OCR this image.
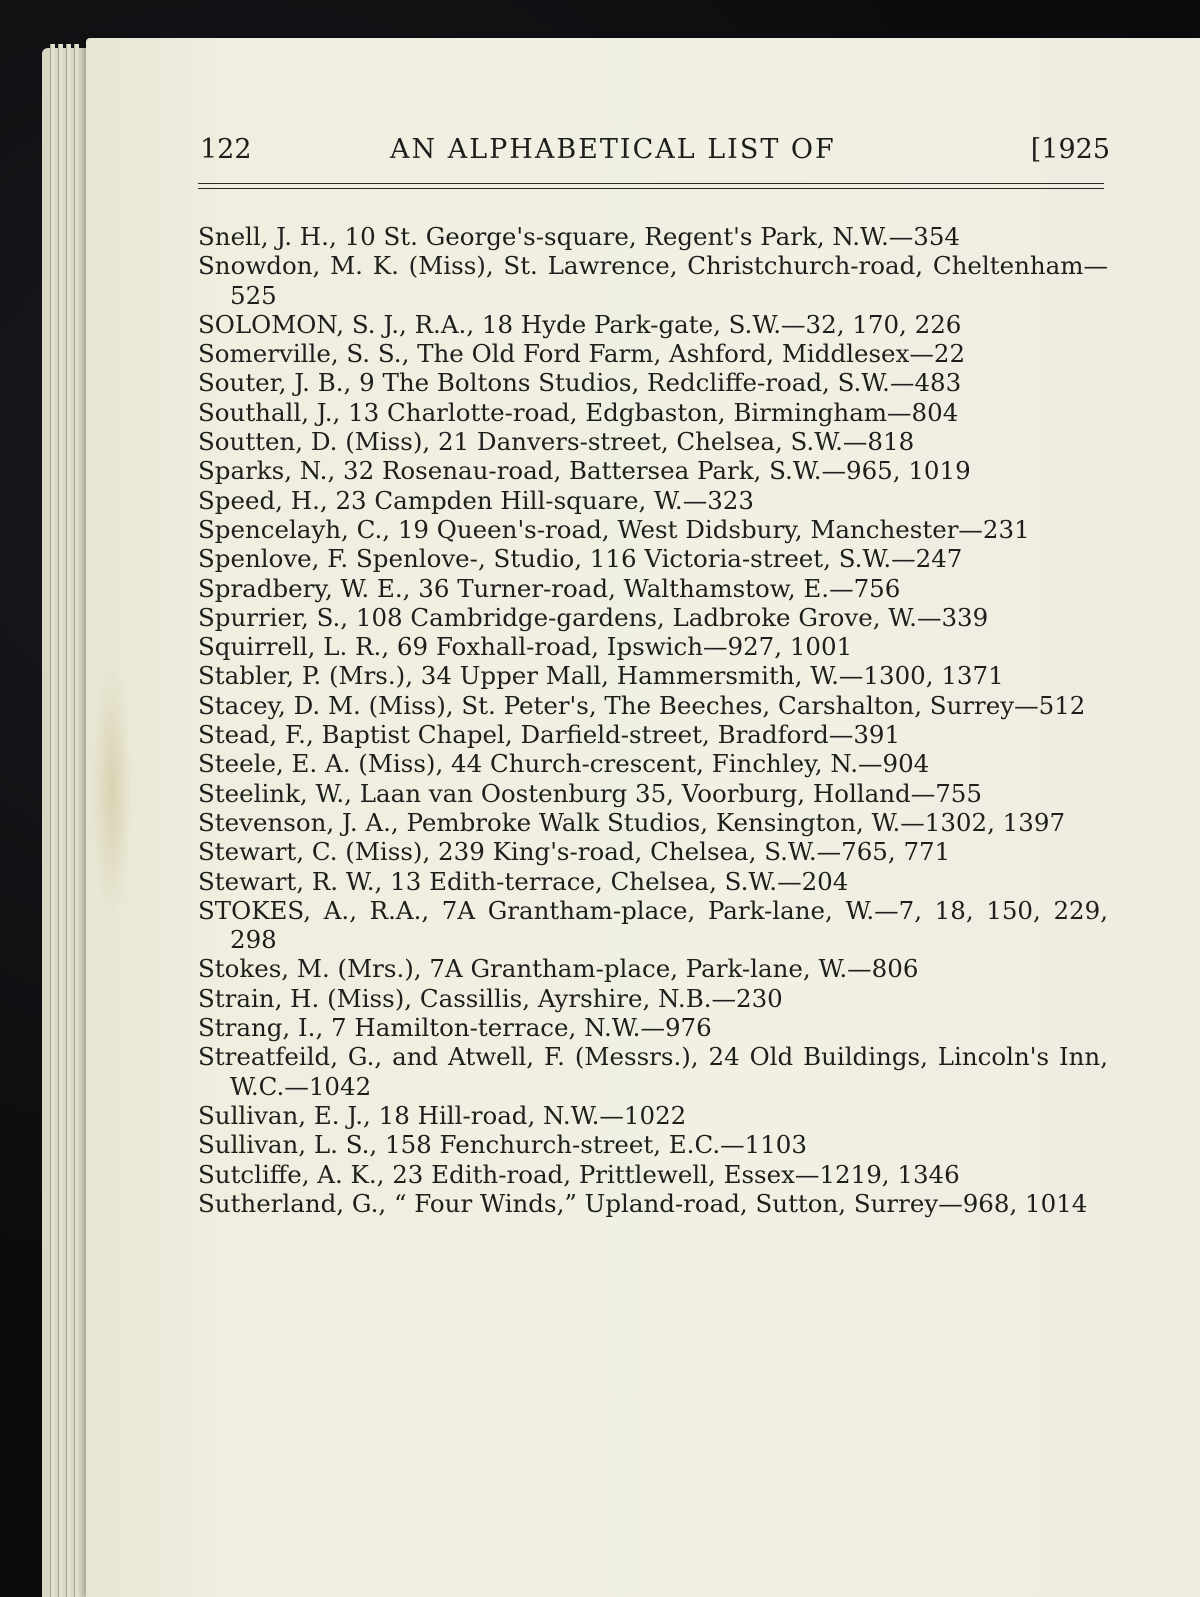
122	AN ALPHABETICAL LIST OF	[1925

Snell, J. H., 10 St. George's-square, Regent's Park, N.W.—354

Snowdon, M. K. (Miss), St. Lawrence, Christchurch-road, Cheltenham—525

SOLOMON, S. J., R.A., 18 Hyde Park-gate, S.W.—32, 170, 226

Somerville, S. S., The Old Ford Farm, Ashford, Middlesex—22

Souter, J. B., 9 The Boltons Studios, Redcliffe-road, S.W.—483

Southall, J., 13 Charlotte-road, Edgbaston, Birmingham—804

Soutten, D. (Miss), 21 Danvers-street, Chelsea, S.W.—818

Sparks, N., 32 Rosenau-road, Battersea Park, S.W.—965, 1019

Speed, H., 23 Campden Hill-square, W.—323

Spencelayh, C., 19 Queen's-road, West Didsbury, Manchester—231

Spenlove, F. Spenlove-, Studio, 116 Victoria-street, S.W.—247

Spradbery, W. E., 36 Turner-road, Walthamstow, E.—756

Spurrier, S., 108 Cambridge-gardens, Ladbroke Grove, W.—339

Squirrell, L. R., 69 Foxhall-road, Ipswich—927, 1001

Stabler, P. (Mrs.), 34 Upper Mall, Hammersmith, W.—1300, 1371

Stacey, D. M. (Miss), St. Peter's, The Beeches, Carshalton, Surrey—512

Stead, F., Baptist Chapel, Darfield-street, Bradford—391

Steele, E. A. (Miss), 44 Church-crescent, Finchley, N.—904

Steelink, W., Laan van Oostenburg 35, Voorburg, Holland—755

Stevenson, J. A., Pembroke Walk Studios, Kensington, W.—1302, 1397

Stewart, C. (Miss), 239 King's-road, Chelsea, S.W.—765, 771

Stewart, R. W., 13 Edith-terrace, Chelsea, S.W.—204

STOKES, A., R.A., 7A Grantham-place, Park-lane, W.—7, 18, 150, 229, 298

Stokes, M. (Mrs.), 7A Grantham-place, Park-lane, W.—806

Strain, H. (Miss), Cassillis, Ayrshire, N.B.—230

Strang, I., 7 Hamilton-terrace, N.W.—976

Streatfeild, G., and Atwell, F. (Messrs.), 24 Old Buildings, Lincoln's Inn, W.C.—1042

Sullivan, E. J., 18 Hill-road, N.W.—1022

Sullivan, L. S., 158 Fenchurch-street, E.C.—1103

Sutcliffe, A. K., 23 Edith-road, Prittlewell, Essex—1219, 1346

Sutherland, G., “ Four Winds,” Upland-road, Sutton, Surrey—968, 1014
